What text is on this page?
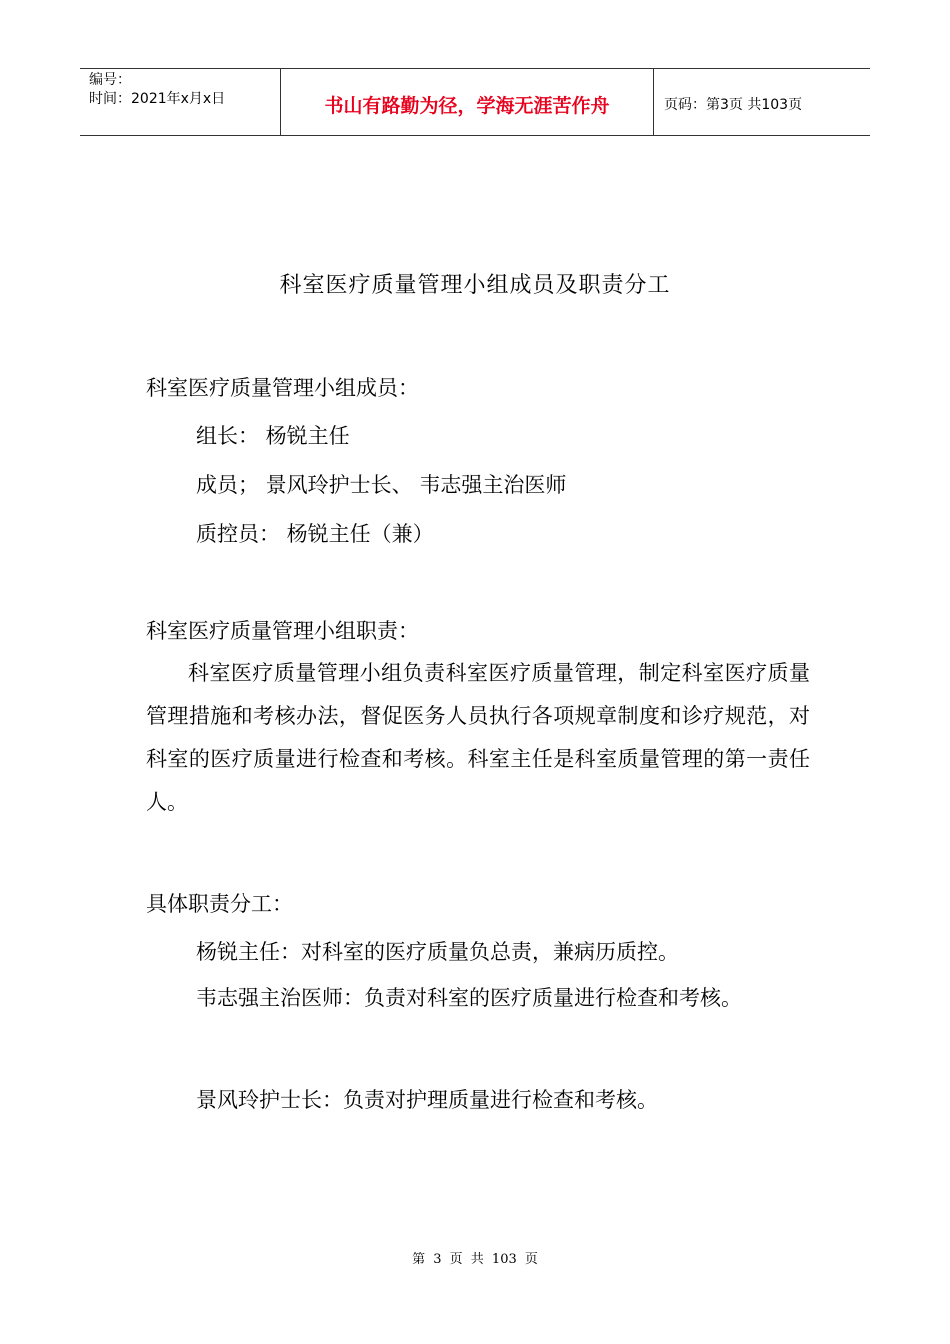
编号：
时间：2021年x月x日	书山有路勤为径，学海无涯苦作舟	页码：第3页 共103页
科室医疗质量管理小组成员及职责分工
科室医疗质量管理小组成员：
组长： 杨锐主任
成员； 景风玲护士长、 韦志强主治医师
质控员： 杨锐主任（兼）
科室医疗质量管理小组职责：
科室医疗质量管理小组负责科室医疗质量管理，制定科室医疗质量管理措施和考核办法，督促医务人员执行各项规章制度和诊疗规范，对科室的医疗质量进行检查和考核。科室主任是科室质量管理的第一责任人。
具体职责分工：
杨锐主任：对科室的医疗质量负总责，兼病历质控。
韦志强主治医师：负责对科室的医疗质量进行检查和考核。
景风玲护士长：负责对护理质量进行检查和考核。
第 3 页 共 103 页
